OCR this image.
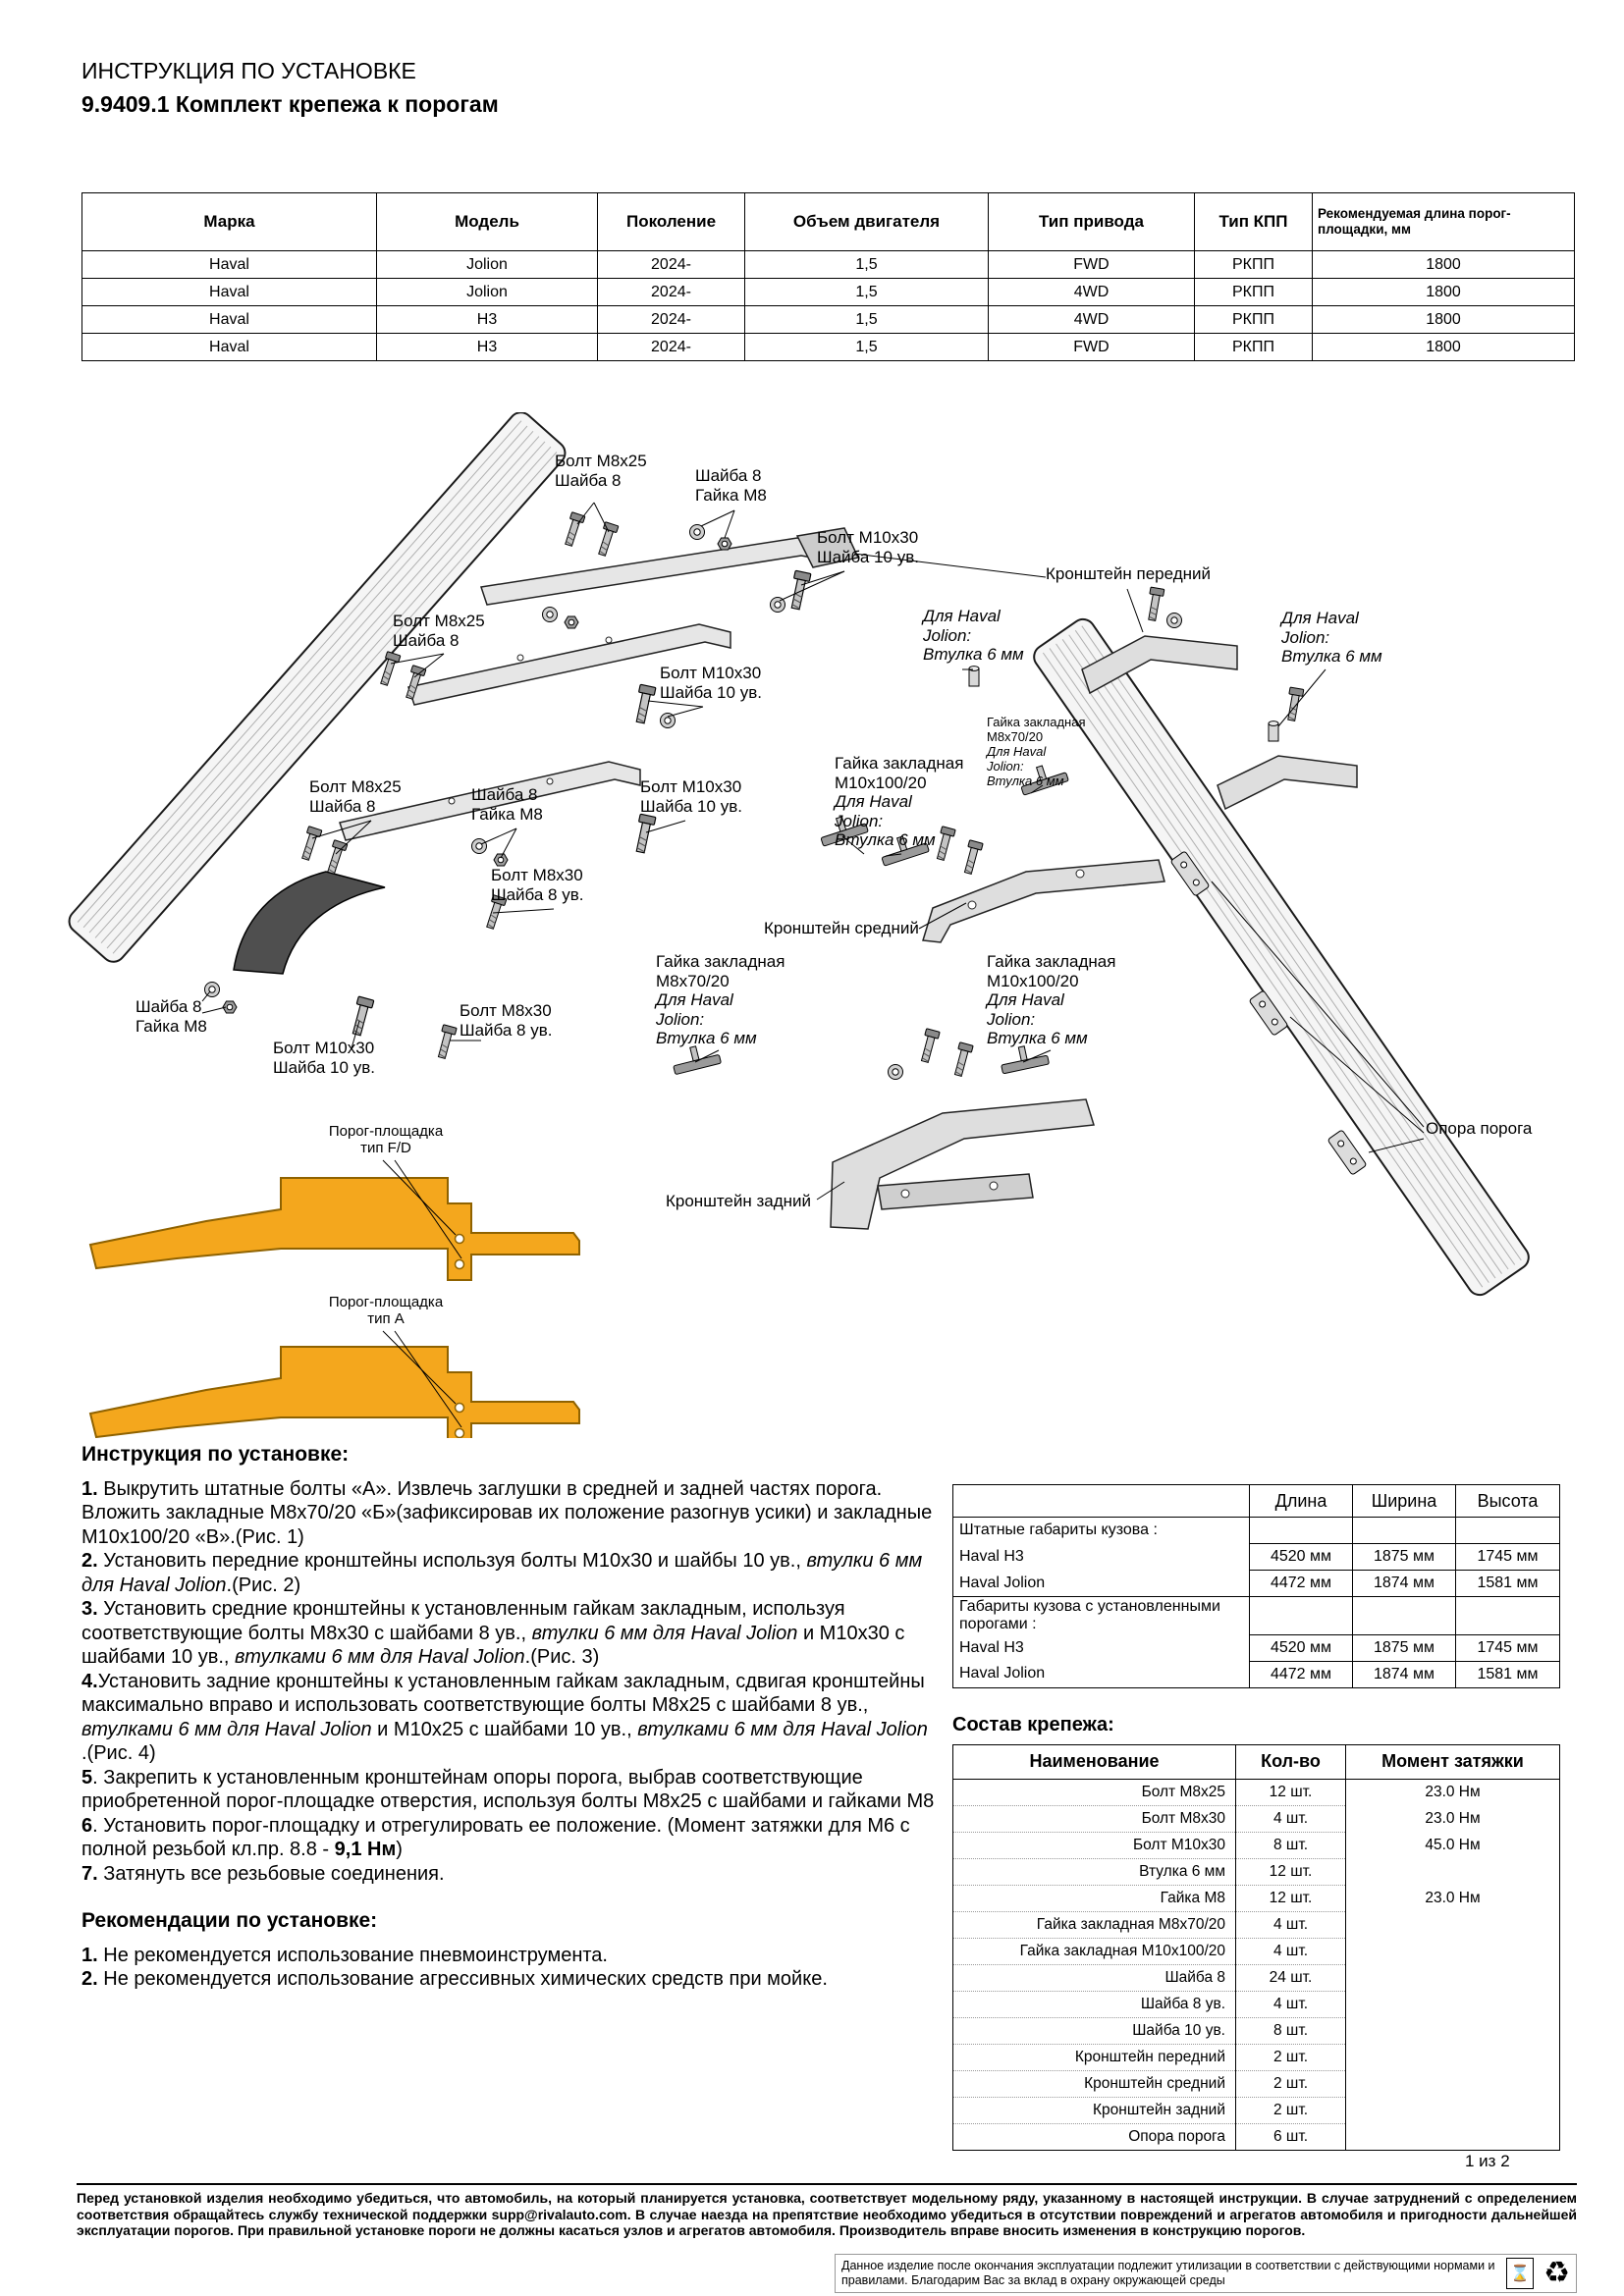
ИНСТРУКЦИЯ ПО УСТАНОВКЕ
9.9409.1 Комплект крепежа к порогам
Марка	Модель	Поколение	Объем двигателя	Тип привода	Тип КПП	Рекомендуемая длина порог-площадки, мм
Haval	Jolion	2024-	1,5	FWD	РКПП	1800
Haval	Jolion	2024-	1,5	4WD	РКПП	1800
Haval	H3	2024-	1,5	4WD	РКПП	1800
Haval	H3	2024-	1,5	FWD	РКПП	1800
Болт М8х25
Шайба 8	Шайба 8
Гайка М8
Болт М10х30
Шайба 10 ув.
Кронштейн передний
Болт М8х25
Шайба 8
Для Haval
Jolion:
Втулка 6 мм
Для Haval
Jolion:
Втулка 6 мм
Болт М10х30
Шайба 10 ув.
Гайка закладная
М8х70/20
Для Haval
Jolion:
Втулка 6 мм
Болт М8х25
Шайба 8
Шайба 8
Гайка М8
Болт М10х30
Шайба 10 ув.
Гайка закладная
М10х100/20
Для Haval
Jolion:
Втулка 6 мм
Болт М8х30
Шайба 8 ув.
Кронштейн средний
Шайба 8
Гайка М8
Болт М8х30
Шайба 8 ув.
Болт М10х30
Шайба 10 ув.
Гайка закладная
М8х70/20
Для Haval
Jolion:
Втулка 6 мм
Гайка закладная
М10х100/20
Для Haval
Jolion:
Втулка 6 мм
Опора порога
Кронштейн задний
Порог-площадка
тип F/D
Порог-площадка
тип А
Инструкция по установке:
1. Выкрутить штатные болты «А». Извлечь заглушки в средней и задней частях порога. Вложить закладные М8х70/20 «Б»(зафиксировав их положение разогнув усики) и закладные М10х100/20 «В».(Рис. 1)
2. Установить передние кронштейны используя болты М10х30 и шайбы 10 ув., втулки 6 мм для Haval Jolion.(Рис. 2)
3. Установить средние кронштейны к установленным гайкам закладным, используя соответствующие болты М8х30 с шайбами 8 ув., втулки 6 мм для Haval Jolion и М10х30 с шайбами 10 ув., втулками 6 мм для Haval Jolion.(Рис. 3)
4.Установить задние кронштейны к установленным гайкам закладным, сдвигая кронштейны максимально вправо и использовать соответствующие болты М8х25 с шайбами 8 ув., втулками 6 мм для Haval Jolion и М10х25 с шайбами 10 ув., втулками 6 мм для Haval Jolion .(Рис. 4)
5. Закрепить к установленным кронштейнам опоры порога, выбрав соответствующие приобретенной порог-площадке отверстия, используя болты М8х25 с шайбами и гайками М8
6. Установить порог-площадку и отрегулировать ее положение. (Момент затяжки для М6 с полной резьбой кл.пр. 8.8 - 9,1 Нм)
7. Затянуть все резьбовые соединения.
Рекомендации по установке:
1. Не рекомендуется использование пневмоинструмента.
2. Не рекомендуется использование агрессивных химических средств при мойке.
	Длина	Ширина	Высота
Штатные габариты кузова :			
Haval H3	4520 мм	1875 мм	1745 мм
Haval Jolion	4472 мм	1874 мм	1581 мм
Габариты кузова с установленными порогами :			
Haval H3	4520 мм	1875 мм	1745 мм
Haval Jolion	4472 мм	1874 мм	1581 мм
Состав крепежа:
Наименование	Кол-во	Момент затяжки
Болт М8х25	12 шт.	23.0 Нм
Болт М8х30	4 шт.	23.0 Нм
Болт М10х30	8 шт.	45.0 Нм
Втулка 6 мм	12 шт.	
Гайка М8	12 шт.	23.0 Нм
Гайка закладная М8х70/20	4 шт.	
Гайка закладная М10х100/20	4 шт.	
Шайба 8	24 шт.	
Шайба 8 ув.	4 шт.	
Шайба 10 ув.	8 шт.	
Кронштейн передний	2 шт.	
Кронштейн средний	2 шт.	
Кронштейн задний	2 шт.	
Опора порога	6 шт.	
1 из 2
Перед установкой изделия необходимо убедиться, что автомобиль, на который планируется установка, соответствует модельному ряду, указанному в настоящей инструкции. В случае затруднений с определением соответствия обращайтесь службу технической поддержки supp@rivalauto.com. В случае наезда на препятствие необходимо убедиться в отсутствии повреждений и агрегатов автомобиля и пригодности дальнейшей эксплуатации порогов. При правильной установке пороги не должны касаться узлов и агрегатов автомобиля. Производитель вправе вносить изменения в конструкцию порогов.
Данное изделие после окончания эксплуатации подлежит утилизации в соответствии с действующими нормами и правилами. Благодарим Вас за вклад в охрану окружающей среды	⌛ ♻
